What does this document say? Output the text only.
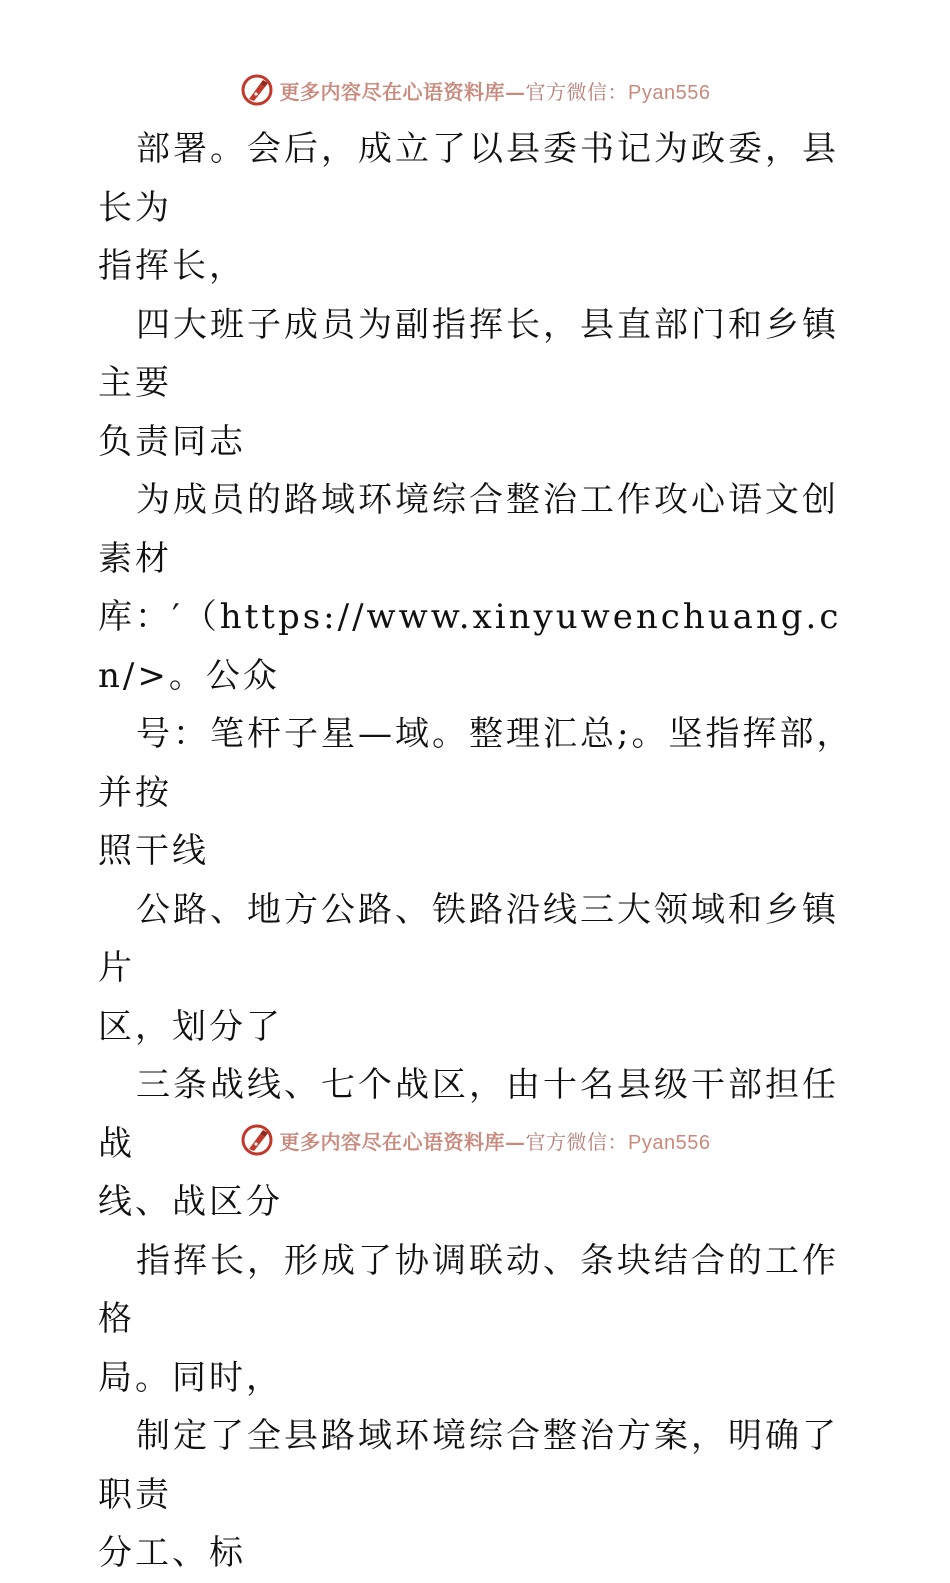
更多内容尽在心语资料库—官方微信：Pyan556

部署。会后，成立了以县委书记为政委，县长为
指挥长，

四大班子成员为副指挥长，县直部门和乡镇主要
负责同志

为成员的路域环境综合整治工作攻心语文创素材
库：′（https://www.xinyuwenchuang.cn/>。公众

号：笔杆子星—域。整理汇总;。坚指挥部，并按
照干线

公路、地方公路、铁路沿线三大领域和乡镇片
区，划分了

三条战线、七个战区，由十名县级干部担任战
线、战区分

指挥长，形成了协调联动、条块结合的工作格
局。同时，

制定了全县路域环境综合整治方案，明确了职责
分工、标

更多内容尽在心语资料库—官方微信：Pyan556
